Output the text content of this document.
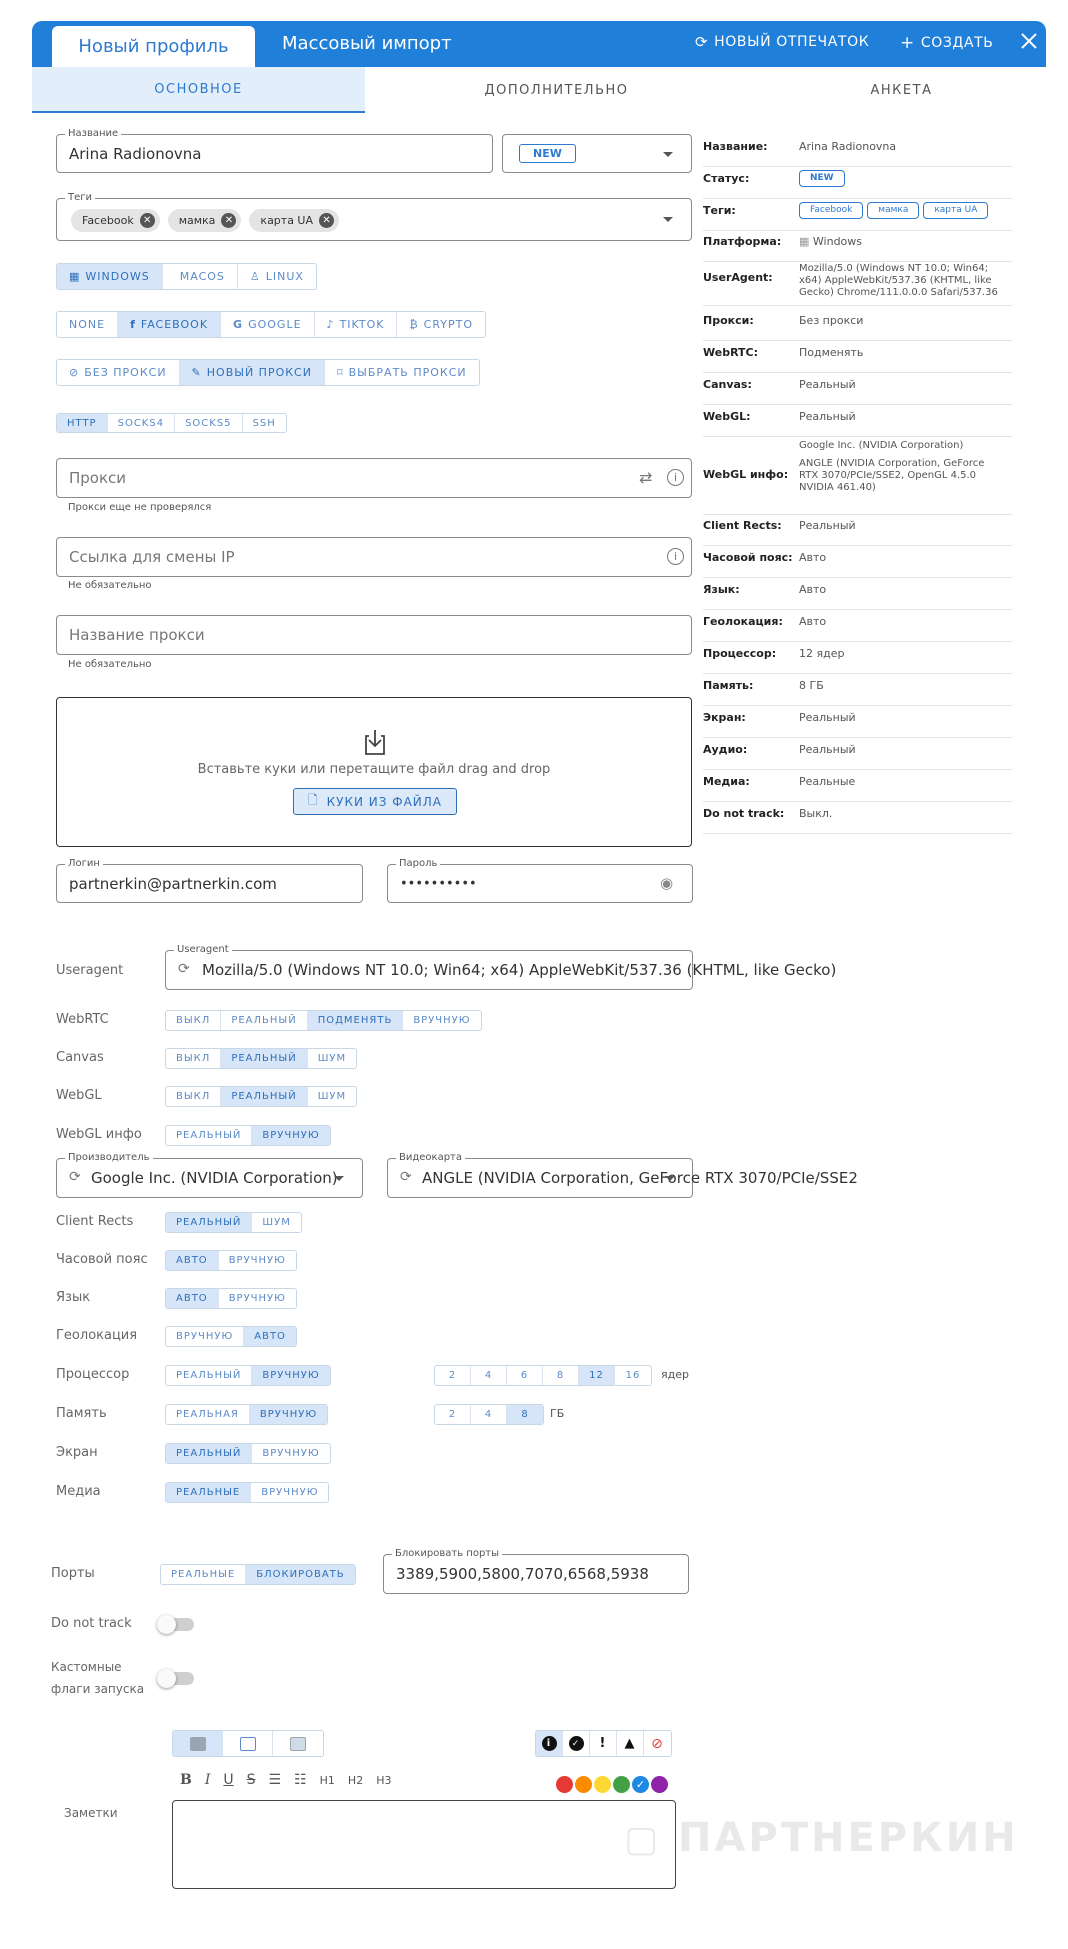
Новый профиль	Массовый импорт	⟳ НОВЫЙ ОТПЕЧАТОК + СОЗДАТЬ
ОСНОВНОЕ	ДОПОЛНИТЕЛЬНО	АНКЕТА
Название
Arina Radionovna	NEW
Теги
Facebook ✕	мамка ✕	карта UA ✕
▦ WINDOWS	MACOS ♙ LINUX
NONE f FACEBOOK G GOOGLE ♪ TIKTOK ₿ CRYPTO
⊘ БЕЗ ПРОКСИ ✎ НОВЫЙ ПРОКСИ ⌑ ВЫБРАТЬ ПРОКСИ
HTTP SOCKS4 SOCKS5 SSH
Прокси	⇄	i
Прокси еще не проверялся
Ссылка для смены IP	i
Не обязательно
Название прокси
Не обязательно
Вставьте куки или перетащите файл drag and drop
🗋 КУКИ ИЗ ФАЙЛА
Логин
partnerkin@partnerkin.com
Пароль
••••••••••	◉
Useragent
Useragent
⟳ Mozilla/5.0 (Windows NT 10.0; Win64; x64) AppleWebKit/537.36 (KHTML, like Gecko)
WebRTC	ВЫКЛ РЕАЛЬНЫЙ ПОДМЕНЯТЬ ВРУЧНУЮ
Canvas	ВЫКЛ РЕАЛЬНЫЙ ШУМ
WebGL	ВЫКЛ РЕАЛЬНЫЙ ШУМ
WebGL инфо	РЕАЛЬНЫЙ ВРУЧНУЮ
Производитель
⟳ Google Inc. (NVIDIA Corporation)
Видеокарта
⟳ ANGLE (NVIDIA Corporation, GeForce RTX 3070/PCIe/SSE2
Client Rects	РЕАЛЬНЫЙ ШУМ
Часовой пояс	АВТО ВРУЧНУЮ
Язык	АВТО ВРУЧНУЮ
Геолокация	ВРУЧНУЮ АВТО
Процессор	РЕАЛЬНЫЙ ВРУЧНУЮ	2	4	6	8 12 16 ядер
Память	РЕАЛЬНАЯ ВРУЧНУЮ	2	4	8 ГБ
Экран	РЕАЛЬНЫЙ ВРУЧНУЮ
Медиа	РЕАЛЬНЫЕ ВРУЧНУЮ
Порты	РЕАЛЬНЫЕ БЛОКИРОВАТЬ
Блокировать порты
3389,5900,5800,7070,6568,5938
Do not track
Кастомные
флаги запуска
i	✓ ! ▲ ⊘
B I U S ☰ ☷ H1 H2 H3	✓
Заметки
Название:	Arina Radionovna
Статус:	NEW
Теги:	Facebook	мамка	карта UA
Платформа: ▦ Windows
UserAgent:
Mozilla/5.0 (Windows NT 10.0; Win64; x64) AppleWebKit/537.36 (KHTML, like Gecko) Chrome/111.0.0.0 Safari/537.36
Прокси:	Без прокси
WebRTC:	Подменять
Canvas:	Реальный
WebGL:	Реальный
WebGL инфо:
Google Inc. (NVIDIA Corporation)
ANGLE (NVIDIA Corporation, GeForce RTX 3070/PCIe/SSE2, OpenGL 4.5.0 NVIDIA 461.40)
Client Rects: Реальный
Часовой пояс: Авто
Язык:	Авто
Геолокация: Авто
Процессор: 12 ядер
Память:	8 ГБ
Экран:	Реальный
Аудио:	Реальный
Медиа:	Реальные
Do not track: Выкл.
▢ ПАРТНЕРКИН
